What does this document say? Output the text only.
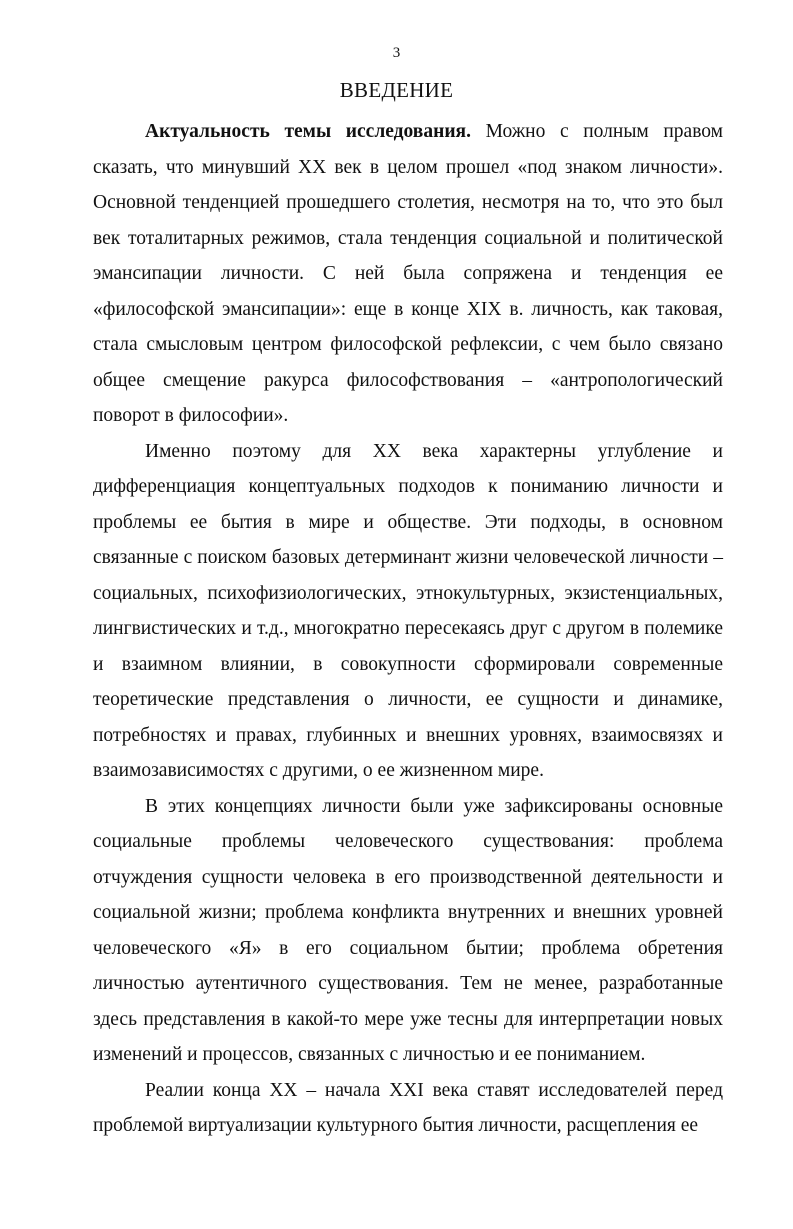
3
ВВЕДЕНИЕ

Актуальность темы исследования. Можно с полным правом сказать, что минувший XX век в целом прошел «под знаком личности». Основной тенденцией прошедшего столетия, несмотря на то, что это был век тоталитарных режимов, стала тенденция социальной и политической эмансипации личности. С ней была сопряжена и тенденция ее «философской эмансипации»: еще в конце XIX в. личность, как таковая, стала смысловым центром философской рефлексии, с чем было связано общее смещение ракурса философствования – «антропологический поворот в философии».

Именно поэтому для XX века характерны углубление и дифференциация концептуальных подходов к пониманию личности и проблемы ее бытия в мире и обществе. Эти подходы, в основном связанные с поиском базовых детерминант жизни человеческой личности – социальных, психофизиологических, этнокультурных, экзистенциальных, лингвистических и т.д., многократно пересекаясь друг с другом в полемике и взаимном влиянии, в совокупности сформировали современные теоретические представления о личности, ее сущности и динамике, потребностях и правах, глубинных и внешних уровнях, взаимосвязях и взаимозависимостях с другими, о ее жизненном мире.

В этих концепциях личности были уже зафиксированы основные социальные проблемы человеческого существования: проблема отчуждения сущности человека в его производственной деятельности и социальной жизни; проблема конфликта внутренних и внешних уровней человеческого «Я» в его социальном бытии; проблема обретения личностью аутентичного существования. Тем не менее, разработанные здесь представления в какой-то мере уже тесны для интерпретации новых изменений и процессов, связанных с личностью и ее пониманием.

Реалии конца XX – начала XXI века ставят исследователей перед проблемой виртуализации культурного бытия личности, расщепления ее
